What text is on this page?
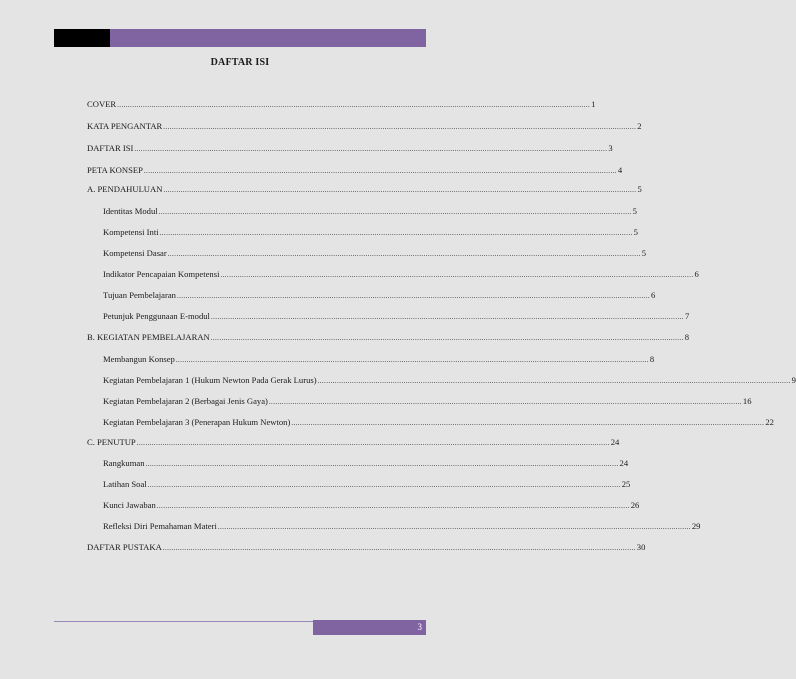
DAFTAR ISI
COVER ............................................................................................................................................................................................................................ 1
KATA PENGANTAR ............................................................................................................................................................................................................................ 2
DAFTAR ISI ............................................................................................................................................................................................................................ 3
PETA KONSEP ............................................................................................................................................................................................................................ 4
A. PENDAHULUAN ............................................................................................................................................................................................................................ 5
Identitas Modul ............................................................................................................................................................................................................................ 5
Kompetensi Inti ............................................................................................................................................................................................................................ 5
Kompetensi Dasar ............................................................................................................................................................................................................................ 5
Indikator Pencapaian Kompetensi ............................................................................................................................................................................................................................ 6
Tujuan Pembelajaran ............................................................................................................................................................................................................................ 6
Petunjuk Penggunaan E-modul ............................................................................................................................................................................................................................ 7
B. KEGIATAN PEMBELAJARAN ............................................................................................................................................................................................................................ 8
Membangun Konsep ............................................................................................................................................................................................................................ 8
Kegiatan Pembelajaran 1 (Hukum Newton Pada Gerak Lurus) ............................................................................................................................................................................................................................ 9
Kegiatan Pembelajaran 2 (Berbagai Jenis Gaya) ............................................................................................................................................................................................................................ 16
Kegiatan Pembelajaran 3 (Penerapan Hukum Newton) ............................................................................................................................................................................................................................ 22
C. PENUTUP ............................................................................................................................................................................................................................ 24
Rangkuman ............................................................................................................................................................................................................................ 24
Latihan Soal ............................................................................................................................................................................................................................ 25
Kunci Jawaban ............................................................................................................................................................................................................................ 26
Refleksi Diri Pemahaman Materi ............................................................................................................................................................................................................................ 29
DAFTAR PUSTAKA ............................................................................................................................................................................................................................ 30
3
